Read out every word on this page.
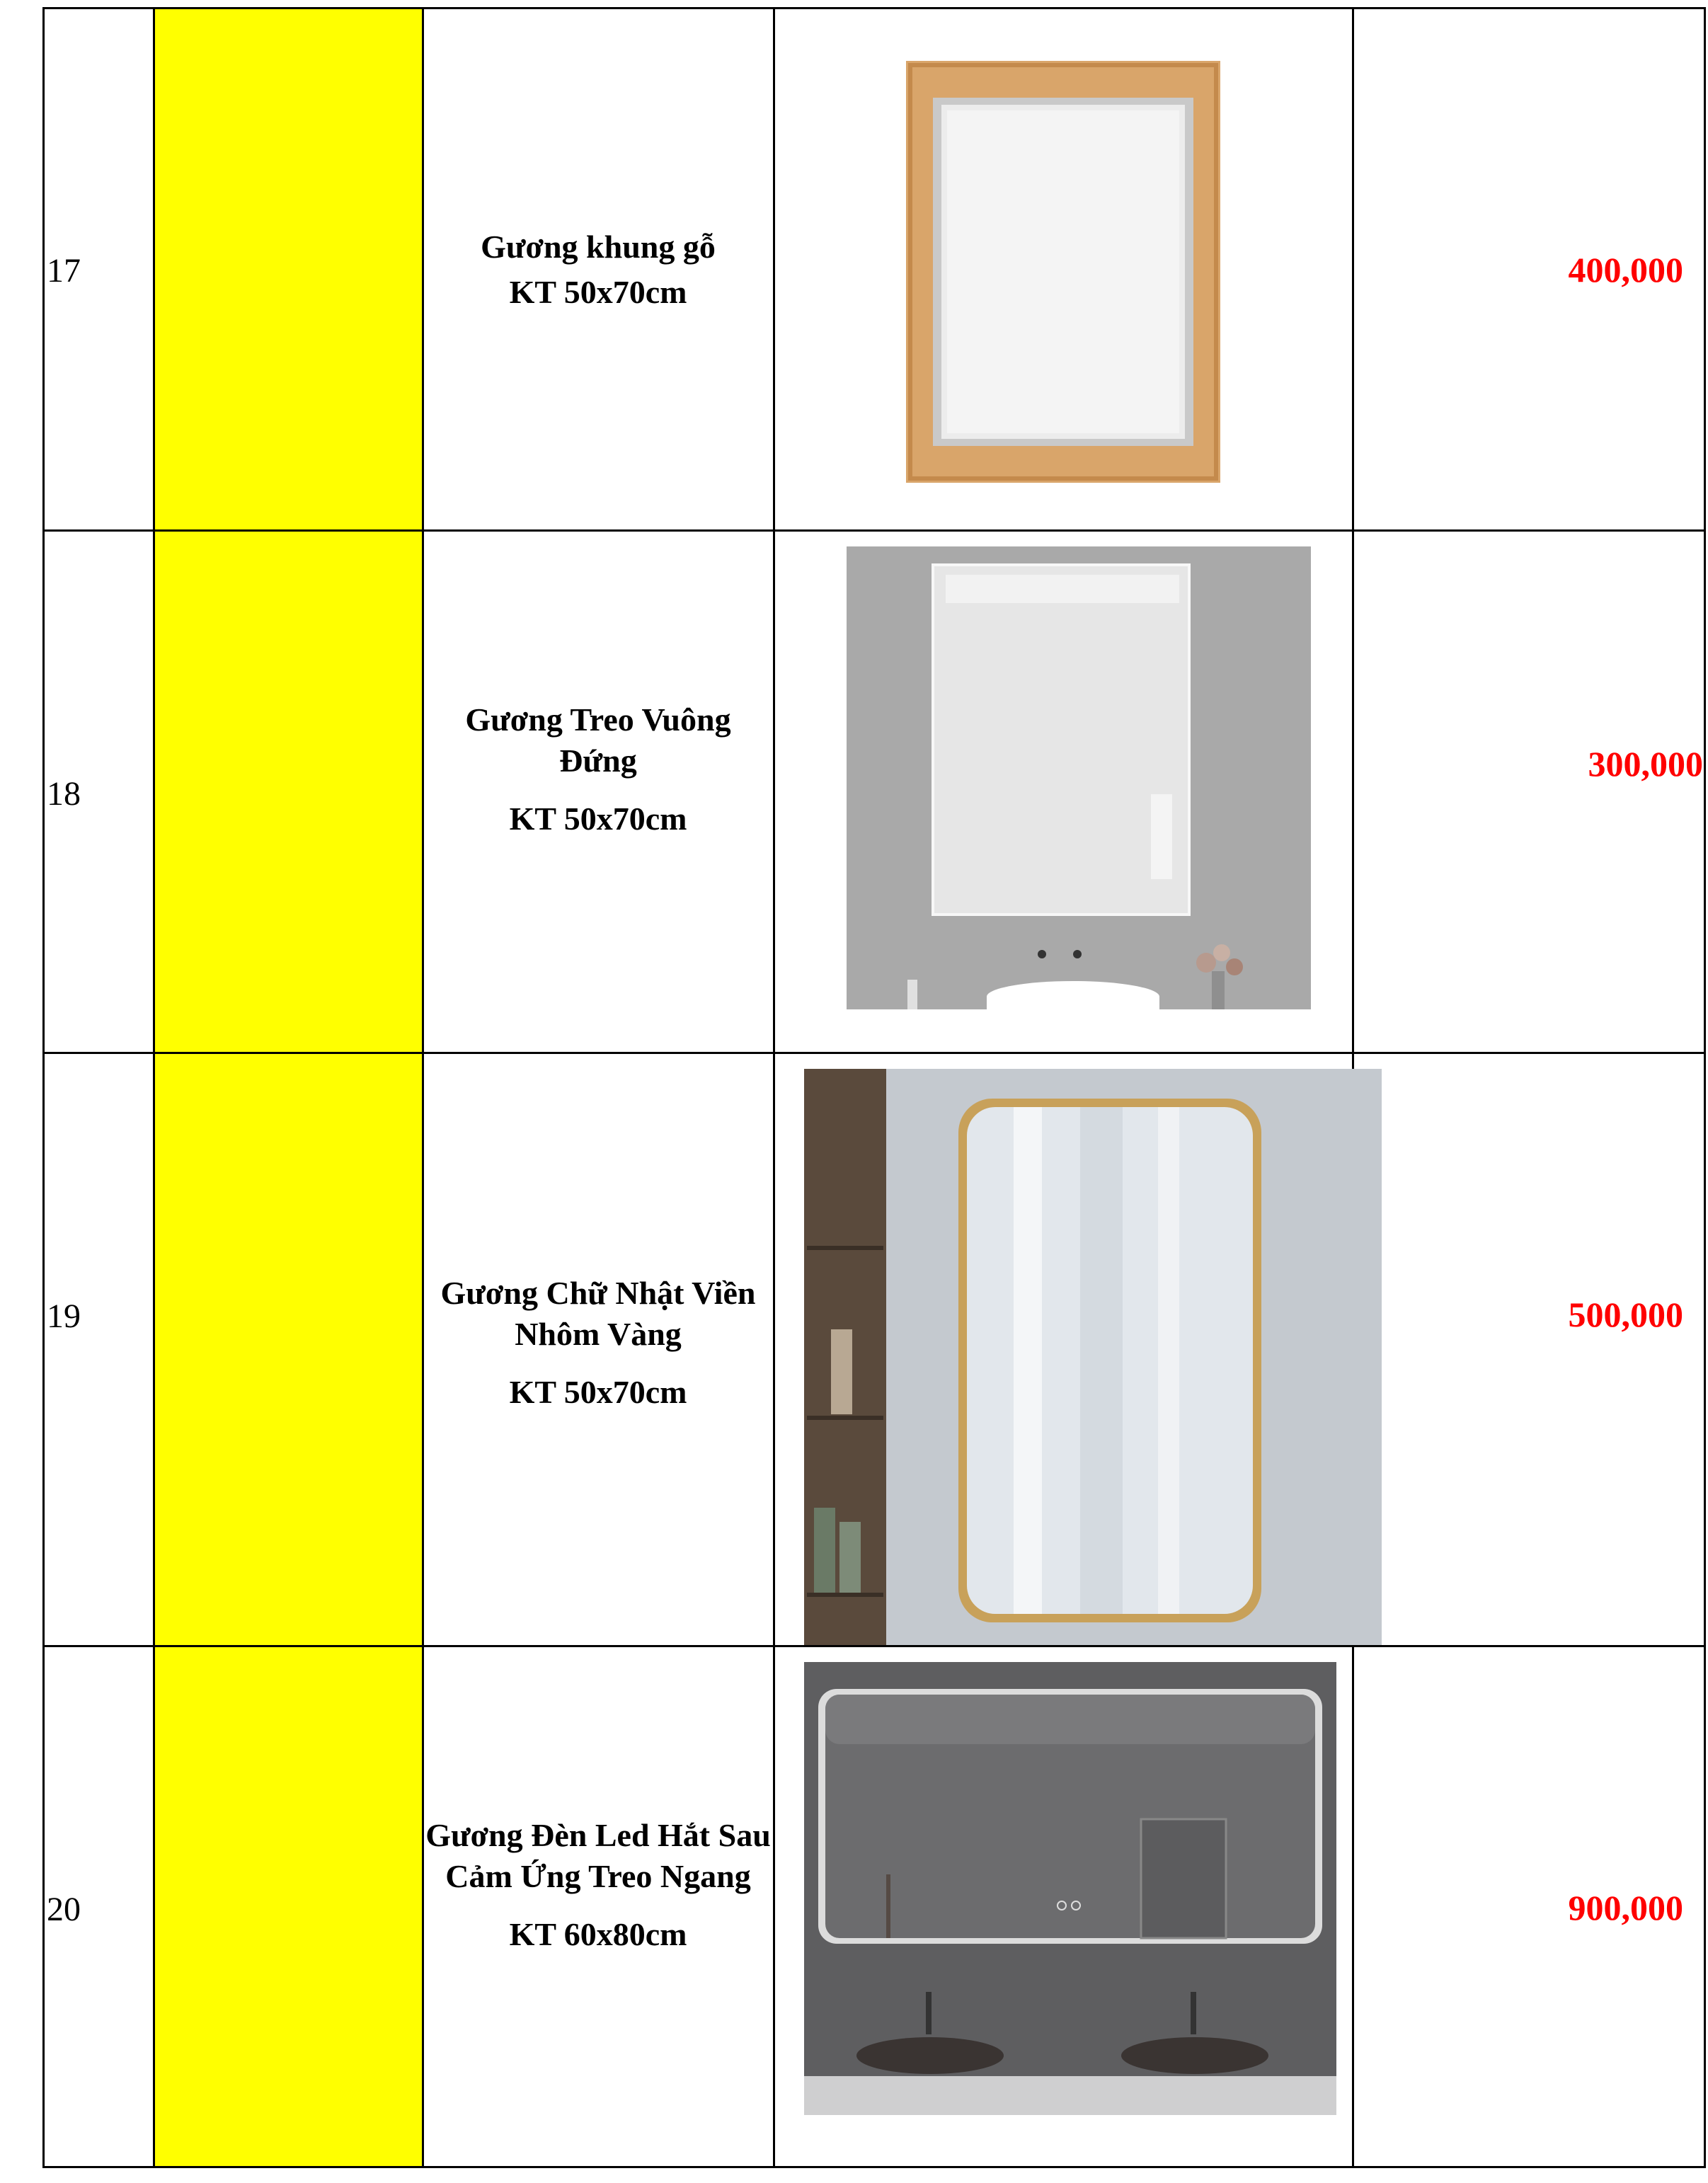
17
Gương khung gỗ
KT 50x70cm
400,000
18
Gương Treo Vuông Đứng
KT 50x70cm
300,000
19
Gương Chữ Nhật Viền Nhôm Vàng
KT 50x70cm
500,000
20
Gương Đèn Led Hắt Sau Cảm Ứng Treo Ngang
KT 60x80cm
900,000
